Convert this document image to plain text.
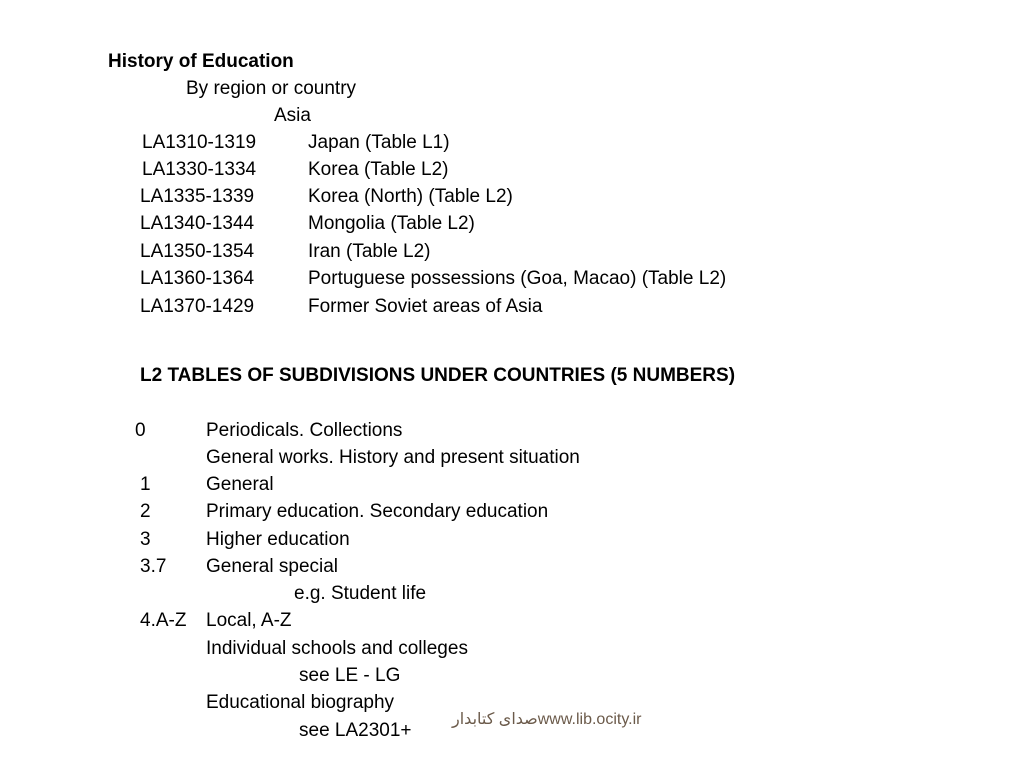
History of Education
By region or country
Asia
LA1310-1319	Japan (Table L1)
LA1330-1334	Korea (Table L2)
LA1335-1339	Korea (North) (Table L2)
LA1340-1344	Mongolia (Table L2)
LA1350-1354	Iran (Table L2)
LA1360-1364	Portuguese possessions (Goa, Macao) (Table L2)
LA1370-1429	Former Soviet areas of Asia
L2 TABLES OF SUBDIVISIONS UNDER COUNTRIES (5 NUMBERS)
0	Periodicals. Collections
General works. History and present situation
1	General
2	Primary education. Secondary education
3	Higher education
3.7 General special
e.g. Student life
4.A-Z Local, A-Z
Individual schools and colleges
see LE - LG
Educational biography
see LA2301+
صدای کتابدارwww.lib.ocity.ir
